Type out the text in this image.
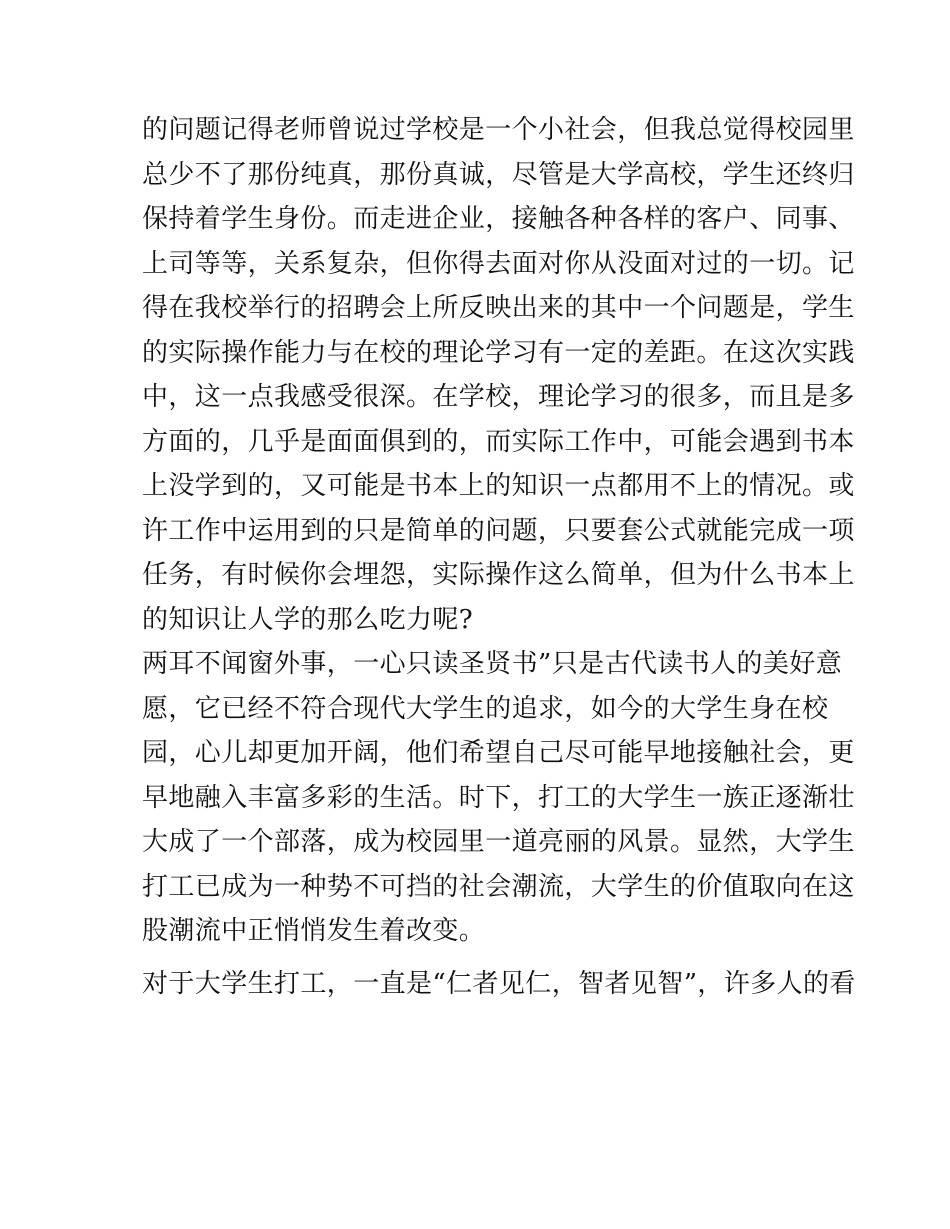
的问题记得老师曾说过学校是一个小社会，但我总觉得校园里
总少不了那份纯真，那份真诚，尽管是大学高校，学生还终归
保持着学生身份。而走进企业，接触各种各样的客户、同事、
上司等等，关系复杂，但你得去面对你从没面对过的一切。记
得在我校举行的招聘会上所反映出来的其中一个问题是，学生
的实际操作能力与在校的理论学习有一定的差距。在这次实践
中，这一点我感受很深。在学校，理论学习的很多，而且是多
方面的，几乎是面面俱到的，而实际工作中，可能会遇到书本
上没学到的，又可能是书本上的知识一点都用不上的情况。或
许工作中运用到的只是简单的问题，只要套公式就能完成一项
任务，有时候你会埋怨，实际操作这么简单，但为什么书本上
的知识让人学的那么吃力呢?
两耳不闻窗外事，一心只读圣贤书”只是古代读书人的美好意
愿，它已经不符合现代大学生的追求，如今的大学生身在校
园，心儿却更加开阔，他们希望自己尽可能早地接触社会，更
早地融入丰富多彩的生活。时下，打工的大学生一族正逐渐壮
大成了一个部落，成为校园里一道亮丽的风景。显然，大学生
打工已成为一种势不可挡的社会潮流，大学生的价值取向在这
股潮流中正悄悄发生着改变。
对于大学生打工，一直是“仁者见仁，智者见智”，许多人的看
